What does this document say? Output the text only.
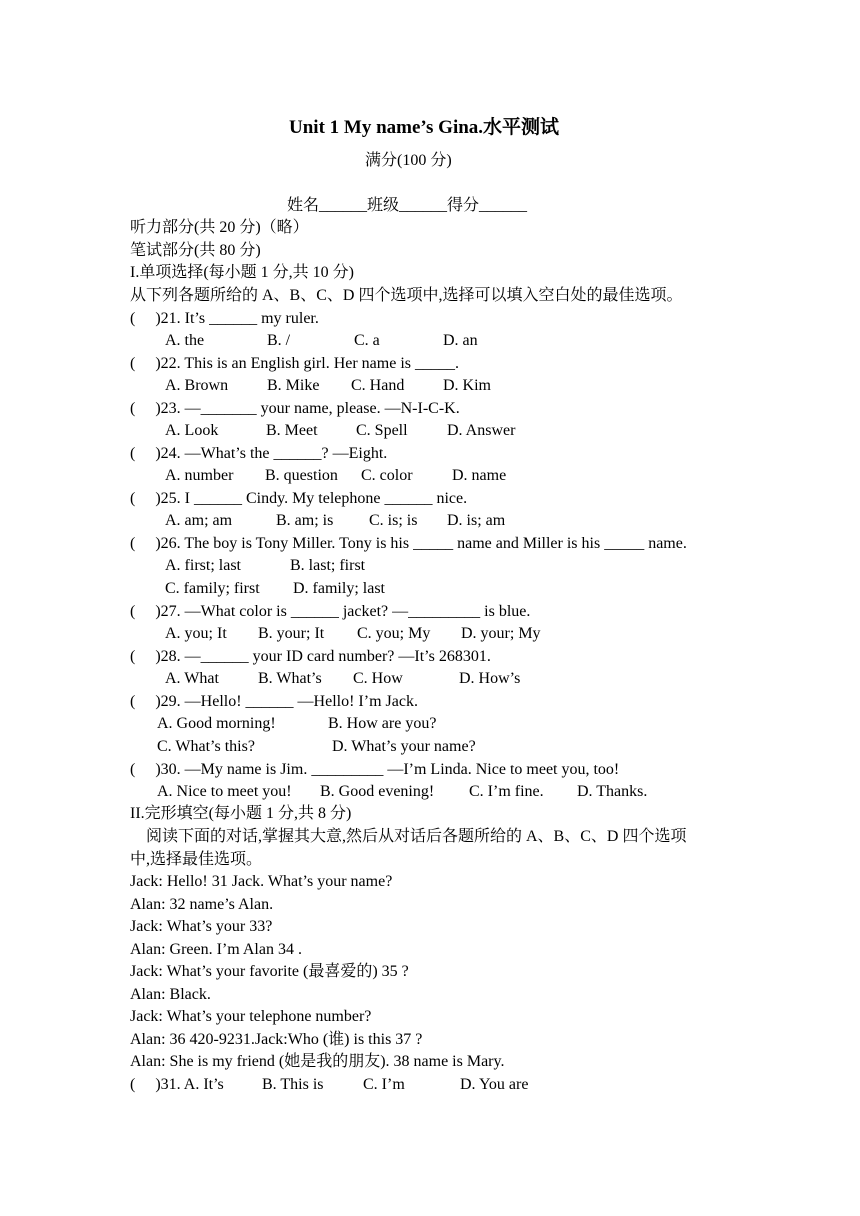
Unit 1 My name’s Gina.水平测试
满分(100 分)
姓名______班级______得分______
听力部分(共 20 分)（略）
笔试部分(共 80 分)
I.单项选择(每小题 1 分,共 10 分)
从下列各题所给的 A、B、C、D 四个选项中,选择可以填入空白处的最佳选项。
(     )21. It’s ______ my ruler.
A. the	B. /	C. a	D. an
(     )22. This is an English girl. Her name is _____.
A. Brown B. Mike C. Hand D. Kim
(     )23. —_______ your name, please. —N-I-C-K.
A. Look	B. Meet C. Spell D. Answer
(     )24. —What’s the ______? —Eight.
A. number B. question C. color D. name
(     )25. I ______ Cindy. My telephone ______ nice.
A. am; am	B. am; is C. is; is D. is; am
(     )26. The boy is Tony Miller. Tony is his _____ name and Miller is his _____ name.
A. first; last	B. last; first
C. family; first D. family; last
(     )27. —What color is ______ jacket? —_________ is blue.
A. you; It B. your; It C. you; My D. your; My
(     )28. —______ your ID card number? —It’s 268301.
A. What B. What’s C. How	D. How’s
(     )29. —Hello! ______ —Hello! I’m Jack.
A. Good morning!	B. How are you?
C. What’s this?	D. What’s your name?
(     )30. —My name is Jim. _________ —I’m Linda. Nice to meet you, too!
A. Nice to meet you! B. Good evening! C. I’m fine. D. Thanks.
II.完形填空(每小题 1 分,共 8 分)
阅读下面的对话,掌握其大意,然后从对话后各题所给的 A、B、C、D 四个选项
中,选择最佳选项。
Jack: Hello! 31 Jack. What’s your name?
Alan: 32 name’s Alan.
Jack: What’s your 33?
Alan: Green. I’m Alan 34 .
Jack: What’s your favorite (最喜爱的) 35 ?
Alan: Black.
Jack: What’s your telephone number?
Alan: 36 420-9231.Jack:Who (谁) is this 37 ?
Alan: She is my friend (她是我的朋友). 38 name is Mary.
(     )31. A. It’s B. This is C. I’m	D. You are
